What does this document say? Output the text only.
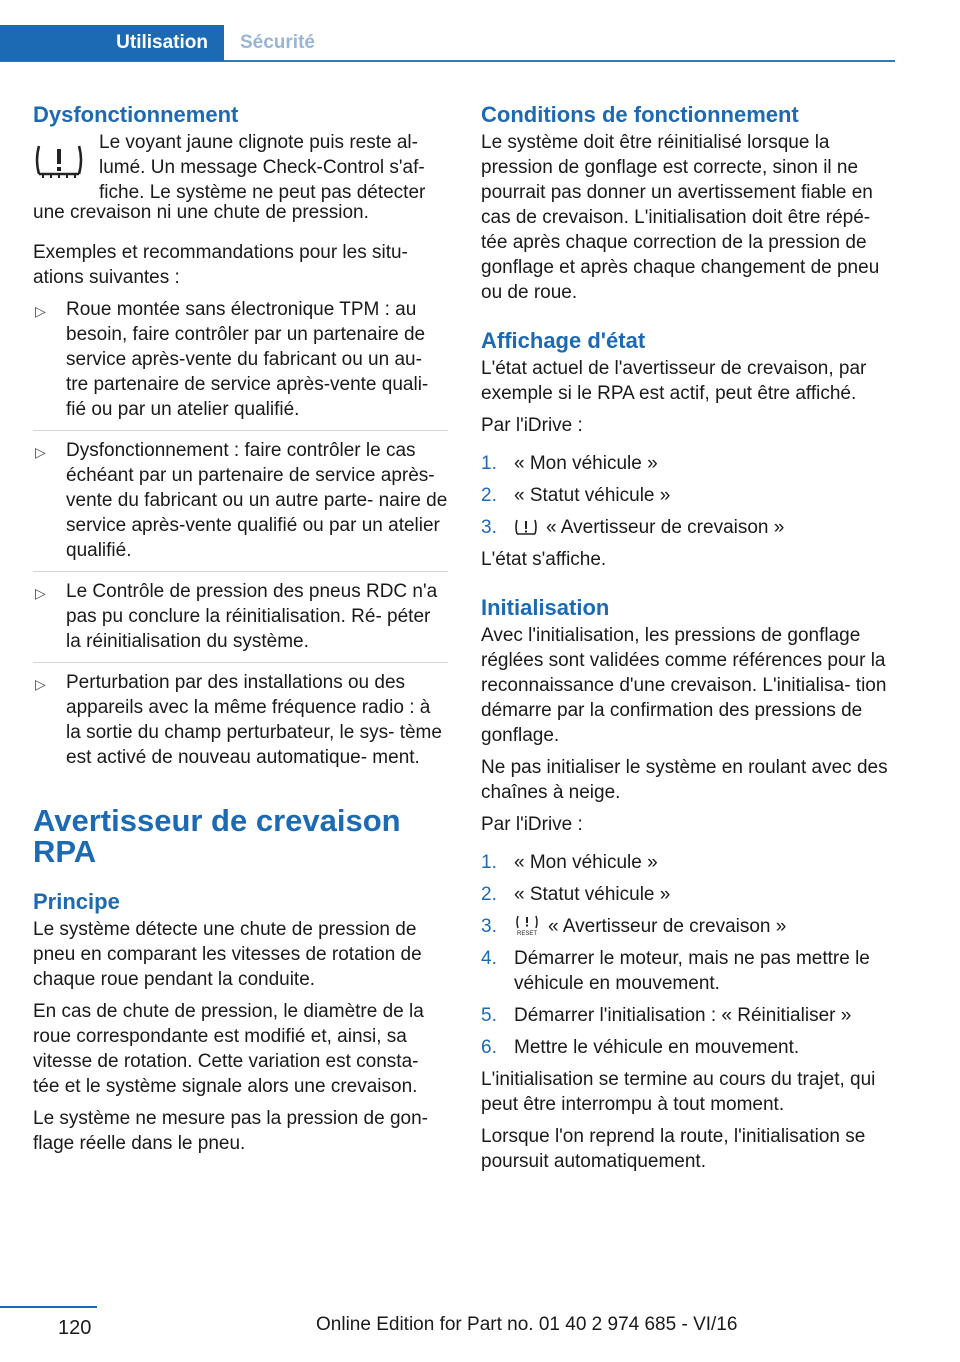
Utilisation	Sécurité
Dysfonctionnement
Le voyant jaune clignote puis reste al-
lumé. Un message Check-Control s'af-
fiche. Le système ne peut pas détecter

une crevaison ni une chute de pression.

Exemples et recommandations pour les situ- ations suivantes :

▷ Roue montée sans électronique TPM : au besoin, faire contrôler par un partenaire de service après-vente du fabricant ou un au- tre partenaire de service après-vente quali- fié ou par un atelier qualifié.
▷ Dysfonctionnement : faire contrôler le cas échéant par un partenaire de service après-vente du fabricant ou un autre parte- naire de service après-vente qualifié ou par un atelier qualifié.
▷ Le Contrôle de pression des pneus RDC n'a pas pu conclure la réinitialisation. Ré- péter la réinitialisation du système.
▷ Perturbation par des installations ou des appareils avec la même fréquence radio : à la sortie du champ perturbateur, le sys- tème est activé de nouveau automatique- ment.
Avertisseur de crevaison
RPA
Principe

Le système détecte une chute de pression de pneu en comparant les vitesses de rotation de chaque roue pendant la conduite.

En cas de chute de pression, le diamètre de la roue correspondante est modifié et, ainsi, sa vitesse de rotation. Cette variation est consta- tée et le système signale alors une crevaison.

Le système ne mesure pas la pression de gon- flage réelle dans le pneu.

Conditions de fonctionnement

Le système doit être réinitialisé lorsque la pression de gonflage est correcte, sinon il ne pourrait pas donner un avertissement fiable en cas de crevaison. L'initialisation doit être répé- tée après chaque correction de la pression de gonflage et après chaque changement de pneu ou de roue.

Affichage d'état

L'état actuel de l'avertisseur de crevaison, par exemple si le RPA est actif, peut être affiché.

Par l'iDrive :

1. « Mon véhicule »
2. « Statut véhicule »
3.	« Avertisseur de crevaison »

L'état s'affiche.

Initialisation

Avec l'initialisation, les pressions de gonflage réglées sont validées comme références pour la reconnaissance d'une crevaison. L'initialisa- tion démarre par la confirmation des pressions de gonflage.

Ne pas initialiser le système en roulant avec des chaînes à neige.

Par l'iDrive :

1. « Mon véhicule »
2. « Statut véhicule »
3.	RESET « Avertisseur de crevaison »
4. Démarrer le moteur, mais ne pas mettre le véhicule en mouvement.
5. Démarrer l'initialisation : « Réinitialiser »
6. Mettre le véhicule en mouvement.

L'initialisation se termine au cours du trajet, qui peut être interrompu à tout moment.

Lorsque l'on reprend la route, l'initialisation se poursuit automatiquement.

120	Online Edition for Part no. 01 40 2 974 685 - VI/16
